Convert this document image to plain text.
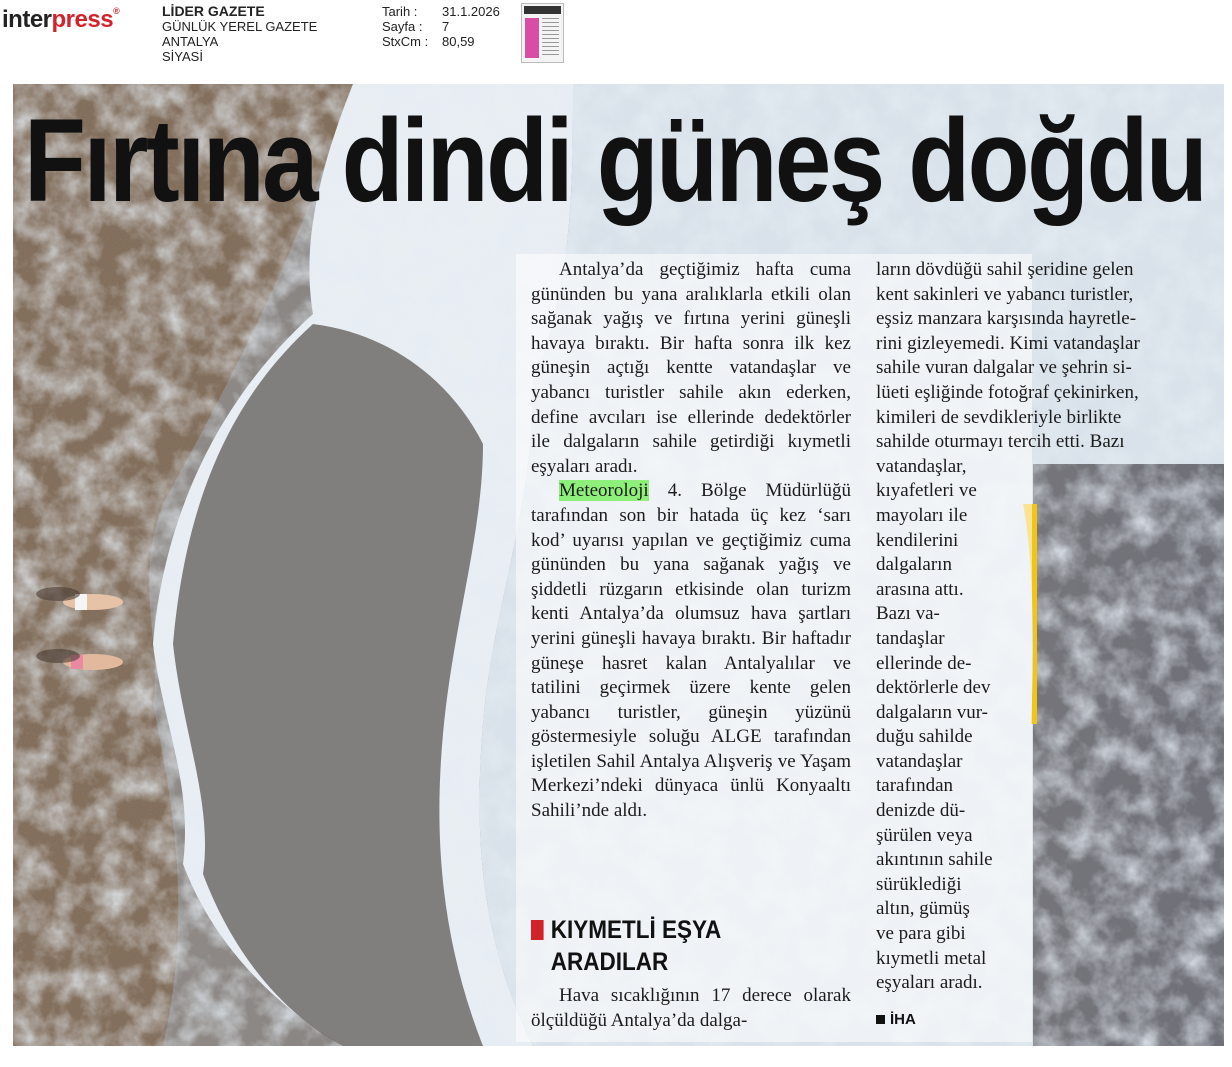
interpress®	LİDER GAZETE
GÜNLÜK YEREL GAZETE
ANTALYA
SİYASİ
Tarih :	31.1.2026
Sayfa :	7
StxCm :	80,59
Fırtına dindi güneş doğdu

Antalya’da geçtiğimiz hafta cuma gününden bu yana aralıklarla etkili olan sağanak yağış ve fırtına yerini güneşli havaya bıraktı. Bir hafta sonra ilk kez güneşin açtığı kentte vatandaşlar ve yabancı turistler sahile akın ederken, define avcıları ise ellerinde dedektörler ile dalgaların sahile getirdiği kıymetli eşyaları aradı.

Meteoroloji 4. Bölge Müdürlüğü tarafından son bir hatada üç kez ‘sarı kod’ uyarısı yapılan ve geçtiğimiz cuma gününden bu yana sağanak yağış ve şiddetli rüzgarın etkisinde olan turizm kenti Antalya’da olumsuz hava şartları yerini güneşli havaya bıraktı. Bir haftadır güneşe hasret kalan Antalyalılar ve tatilini geçirmek üzere kente gelen yabancı turistler, güneşin yüzünü göstermesiyle soluğu ALGE tarafından işletilen Sahil Antalya Alışveriş ve Yaşam Merkezi’ndeki dünyaca ünlü Konyaaltı Sahili’nde aldı.

KIYMETLİ EŞYA
ARADILAR

Hava sıcaklığının 17 derece olarak ölçüldüğü Antalya’da dalga-

ların dövdüğü sahil şeridine gelen
kent sakinleri ve yabancı turistler,
eşsiz manzara karşısında hayretle-
rini gizleyemedi. Kimi vatandaşlar
sahile vuran dalgalar ve şehrin si-
lüeti eşliğinde fotoğraf çekinirken,
kimileri de sevdikleriyle birlikte
sahilde oturmayı tercih etti. Bazı
vatandaşlar,
kıyafetleri ve
mayoları ile
kendilerini
dalgaların
arasına attı.
Bazı va-
tandaşlar
ellerinde de-
dektörlerle dev
dalgaların vur-
duğu sahilde
vatandaşlar
tarafından
denizde dü-
şürülen veya
akıntının sahile
sürüklediği
altın, gümüş
ve para gibi
kıymetli metal
eşyaları aradı.
İHA
